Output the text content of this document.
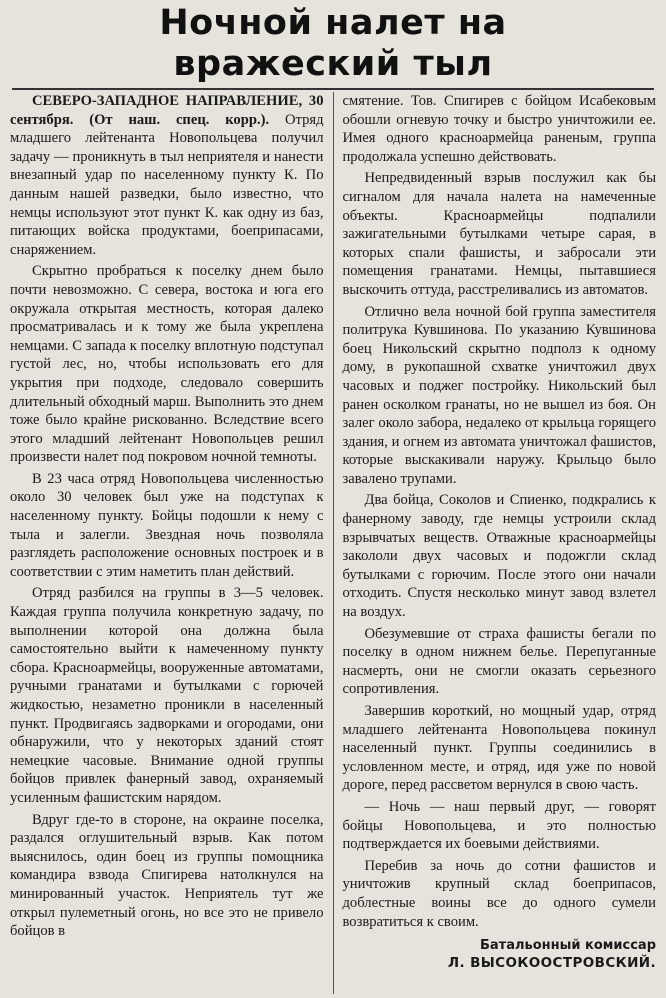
Ночной налет на
вражеский тыл

СЕВЕРО-ЗАПАДНОЕ НАПРАВЛЕНИЕ, 30 сентября. (От наш. спец. корр.). Отряд младшего лейтенанта Новопольцева получил задачу — проникнуть в тыл неприятеля и нанести внезапный удар по населенному пункту К. По данным нашей разведки, было известно, что немцы используют этот пункт К. как одну из баз, питающих войска продуктами, боеприпасами, снаряжением.

Скрытно пробраться к поселку днем было почти невозможно. С севера, востока и юга его окружала открытая местность, которая далеко просматривалась и к тому же была укреплена немцами. С запада к поселку вплотную подступал густой лес, но, чтобы использовать его для укрытия при подходе, следовало совершить длительный обходный марш. Выполнить это днем тоже было крайне рискованно. Вследствие всего этого младший лейтенант Новопольцев решил произвести налет под покровом ночной темноты.

В 23 часа отряд Новопольцева численностью около 30 человек был уже на подступах к населенному пункту. Бойцы подошли к нему с тыла и залегли. Звездная ночь позволяла разглядеть расположение основных построек и в соответствии с этим наметить план действий.

Отряд разбился на группы в 3—5 человек. Каждая группа получила конкретную задачу, по выполнении которой она должна была самостоятельно выйти к намеченному пункту сбора. Красноармейцы, вооруженные автоматами, ручными гранатами и бутылками с горючей жидкостью, незаметно проникли в населенный пункт. Продвигаясь задворками и огородами, они обнаружили, что у некоторых зданий стоят немецкие часовые. Внимание одной группы бойцов привлек фанерный завод, охраняемый усиленным фашистским нарядом.

Вдруг где-то в стороне, на окраине поселка, раздался оглушительный взрыв. Как потом выяснилось, один боец из группы помощника командира взвода Спигирева натолкнулся на минированный участок. Неприятель тут же открыл пулеметный огонь, но все это не привело бойцов в

смятение. Тов. Спигирев с бойцом Исабековым обошли огневую точку и быстро уничтожили ее. Имея одного красноармейца раненым, группа продолжала успешно действовать.

Непредвиденный взрыв послужил как бы сигналом для начала налета на намеченные объекты. Красноармейцы подпалили зажигательными бутылками четыре сарая, в которых спали фашисты, и забросали эти помещения гранатами. Немцы, пытавшиеся выскочить оттуда, расстреливались из автоматов.

Отлично вела ночной бой группа заместителя политрука Кувшинова. По указанию Кувшинова боец Никольский скрытно подполз к одному дому, в рукопашной схватке уничтожил двух часовых и поджег постройку. Никольский был ранен осколком гранаты, но не вышел из боя. Он залег около забора, недалеко от крыльца горящего здания, и огнем из автомата уничтожал фашистов, которые выскакивали наружу. Крыльцо было завалено трупами.

Два бойца, Соколов и Спиенко, подкрались к фанерному заводу, где немцы устроили склад взрывчатых веществ. Отважные красноармейцы закололи двух часовых и подожгли склад бутылками с горючим. После этого они начали отходить. Спустя несколько минут завод взлетел на воздух.

Обезумевшие от страха фашисты бегали по поселку в одном нижнем белье. Перепуганные насмерть, они не смогли оказать серьезного сопротивления.

Завершив короткий, но мощный удар, отряд младшего лейтенанта Новопольцева покинул населенный пункт. Группы соединились в условленном месте, и отряд, идя уже по новой дороге, перед рассветом вернулся в свою часть.

— Ночь — наш первый друг, — говорят бойцы Новопольцева, и это полностью подтверждается их боевыми действиями.

Перебив за ночь до сотни фашистов и уничтожив крупный склад боеприпасов, доблестные воины все до одного сумели возвратиться к своим.

Батальонный комиссар
Л. ВЫСОКООСТРОВСКИЙ.
